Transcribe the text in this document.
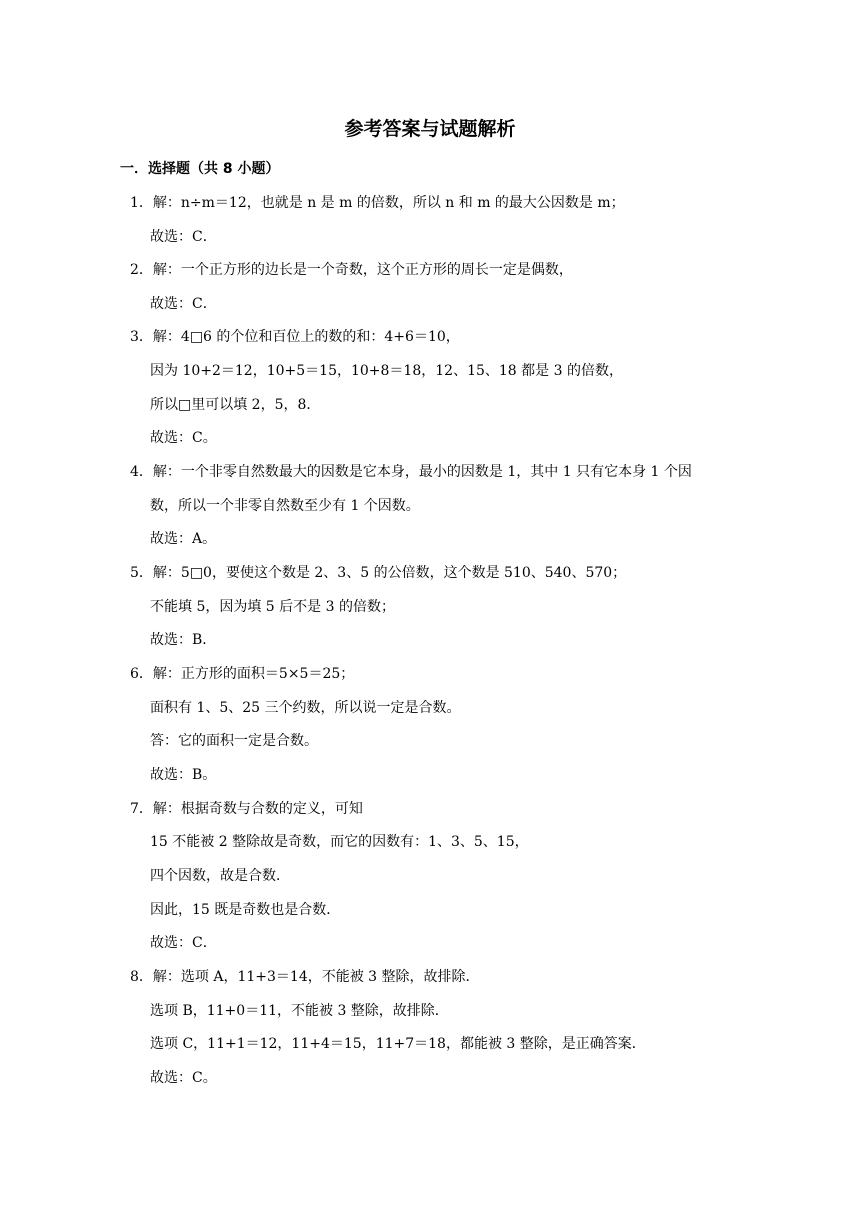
参考答案与试题解析
一．选择题（共 8 小题）
1．解：n÷m＝12，也就是 n 是 m 的倍数，所以 n 和 m 的最大公因数是 m；
故选：C．
2．解：一个正方形的边长是一个奇数，这个正方形的周长一定是偶数，
故选：C．
3．解：4□6 的个位和百位上的数的和：4+6＝10，
因为 10+2＝12，10+5＝15，10+8＝18，12、15、18 都是 3 的倍数，
所以□里可以填 2，5，8．
故选：C。
4．解：一个非零自然数最大的因数是它本身，最小的因数是 1，其中 1 只有它本身 1 个因
数，所以一个非零自然数至少有 1 个因数。
故选：A。
5．解：5□0，要使这个数是 2、3、5 的公倍数，这个数是 510、540、570；
不能填 5，因为填 5 后不是 3 的倍数；
故选：B．
6．解：正方形的面积＝5×5＝25；
面积有 1、5、25 三个约数，所以说一定是合数。
答：它的面积一定是合数。
故选：B。
7．解：根据奇数与合数的定义，可知
15 不能被 2 整除故是奇数，而它的因数有：1、3、5、15，
四个因数，故是合数．
因此，15 既是奇数也是合数．
故选：C．
8．解：选项 A，11+3＝14，不能被 3 整除，故排除．
选项 B，11+0＝11，不能被 3 整除，故排除．
选项 C，11+1＝12，11+4＝15，11+7＝18，都能被 3 整除，是正确答案．
故选：C。
